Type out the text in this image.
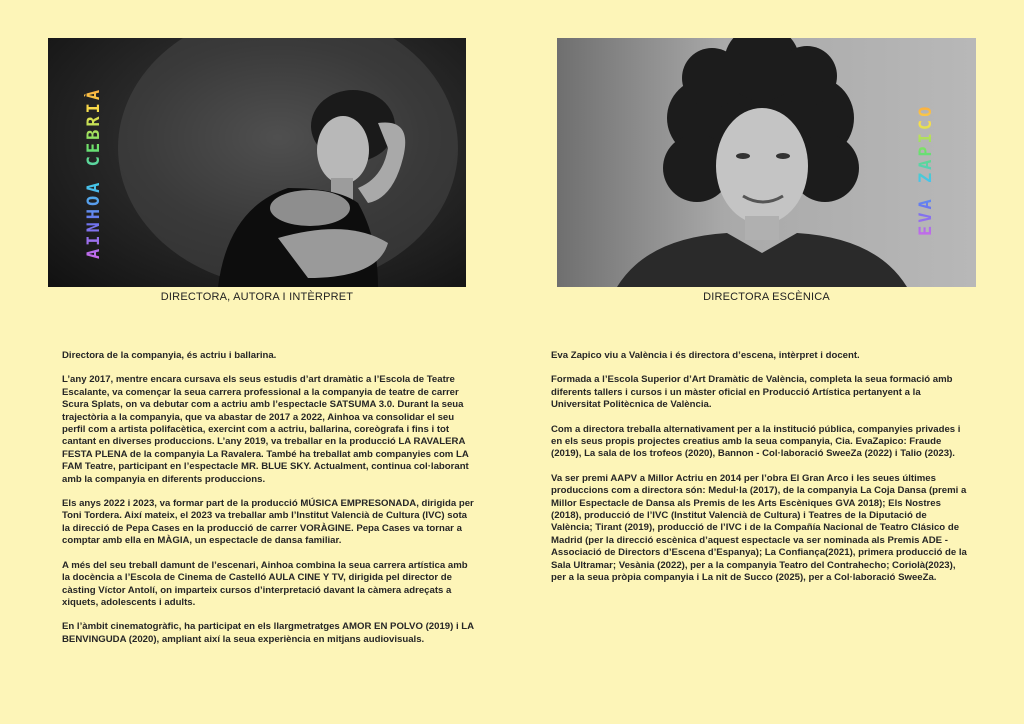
AINHOA CEBRIÀ
DIRECTORA, AUTORA I INTÈRPRET

Directora de la companyia, és actriu i ballarina.

L’any 2017, mentre encara cursava els seus estudis d’art dramàtic a l’Escola de Teatre Escalante, va començar la seua carrera professional a la companyia de teatre de carrer Scura Splats, on va debutar com a actriu amb l’espectacle SATSUMA 3.0. Durant la seua trajectòria a la companyia, que va abastar de 2017 a 2022, Ainhoa va consolidar el seu perfil com a artista polifacètica, exercint com a actriu, ballarina, coreògrafa i fins i tot cantant en diverses produccions. L’any 2019, va treballar en la producció LA RAVALERA FESTA PLENA de la companyia La Ravalera. També ha treballat amb companyies com LA FAM Teatre, participant en l’espectacle MR. BLUE SKY. Actualment, continua col·laborant amb la companyia en diferents produccions.

Els anys 2022 i 2023, va formar part de la producció MÚSICA EMPRESONADA, dirigida per Toni Tordera. Així mateix, el 2023 va treballar amb l’Institut Valencià de Cultura (IVC) sota la direcció de Pepa Cases en la producció de carrer VORÀGINE. Pepa Cases va tornar a comptar amb ella en MÀGIA, un espectacle de dansa familiar.

A més del seu treball damunt de l’escenari, Ainhoa combina la seua carrera artística amb la docència a l’Escola de Cinema de Castelló AULA CINE Y TV, dirigida pel director de càsting Víctor Antolí, on imparteix cursos d’interpretació davant la càmera adreçats a xiquets, adolescents i adults.

En l’àmbit cinematogràfic, ha participat en els llargmetratges AMOR EN POLVO (2019) i LA BENVINGUDA (2020), ampliant així la seua experiència en mitjans audiovisuals.

EVA ZAPICO
DIRECTORA ESCÈNICA

Eva Zapico viu a València i és directora d’escena, intèrpret i docent.

Formada a l’Escola Superior d’Art Dramàtic de València, completa la seua formació amb diferents tallers i cursos i un màster oficial en Producció Artística pertanyent a la Universitat Politècnica de València.

Com a directora treballa alternativament per a la institució pública, companyies privades i en els seus propis projectes creatius amb la seua companyia, Cia. EvaZapico: Fraude (2019), La sala de los trofeos (2020), Bannon - Col·laboració SweeZa (2022) i Talio (2023).

Va ser premi AAPV a Millor Actriu en 2014 per l’obra El Gran Arco i les seues últimes produccions com a directora són: Medul·la (2017), de la companyia La Coja Dansa (premi a Millor Espectacle de Dansa als Premis de les Arts Escèniques GVA 2018); Els Nostres (2018), producció de l’IVC (Institut Valencià de Cultura) i Teatres de la Diputació de València; Tirant (2019), producció de l’IVC i de la Compañía Nacional de Teatro Clásico de Madrid (per la direcció escènica d’aquest espectacle va ser nominada als Premis ADE - Associació de Directors d’Escena d’Espanya); La Confiança(2021), primera producció de la Sala Ultramar; Vesània (2022), per a la companyia Teatro del Contrahecho; Coriolà(2023), per a la seua pròpia companyia i La nit de Succo (2025), per a Col·laboració SweeZa.
